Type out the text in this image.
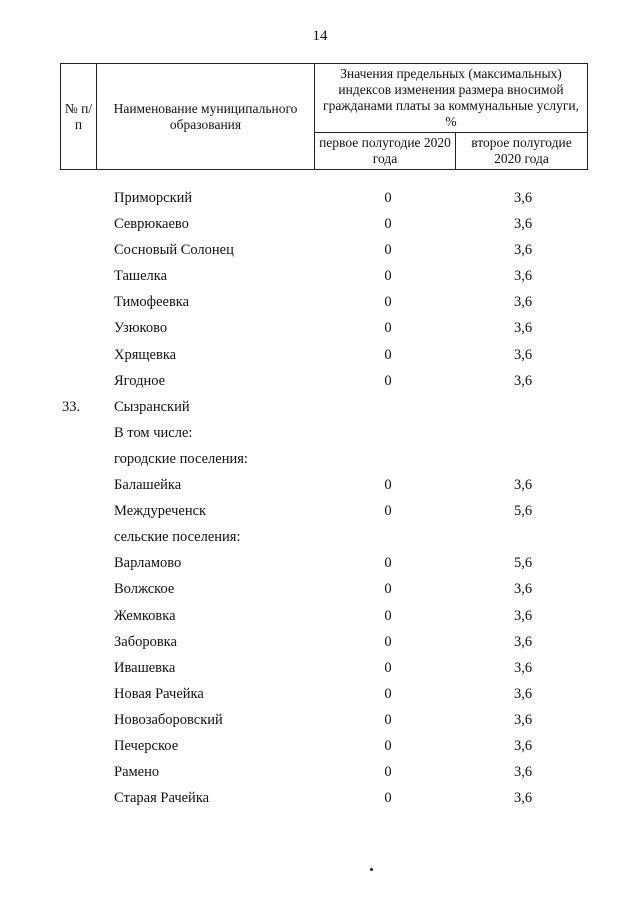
14
№ п/п	Наименование муниципального образования	Значения предельных (максимальных) индексов изменения размера вносимой гражданами платы за коммунальные услуги, %	
		первое полугодие 2020 года	второе полугодие 2020 года
Приморский	0	3,6
Севрюкаево	0	3,6
Сосновый Солонец	0	3,6
Ташелка	0	3,6
Тимофеевка	0	3,6
Узюково	0	3,6
Хрящевка	0	3,6
Ягодное	0	3,6
33. Сызранский
В том числе:
городские поселения:
Балашейка	0	3,6
Междуреченск	0	5,6
сельские поселения:
Варламово	0	5,6
Волжское	0	3,6
Жемковка	0	3,6
Заборовка	0	3,6
Ивашевка	0	3,6
Новая Рачейка	0	3,6
Новозаборовский	0	3,6
Печерское	0	3,6
Рамено	0	3,6
Старая Рачейка	0	3,6
